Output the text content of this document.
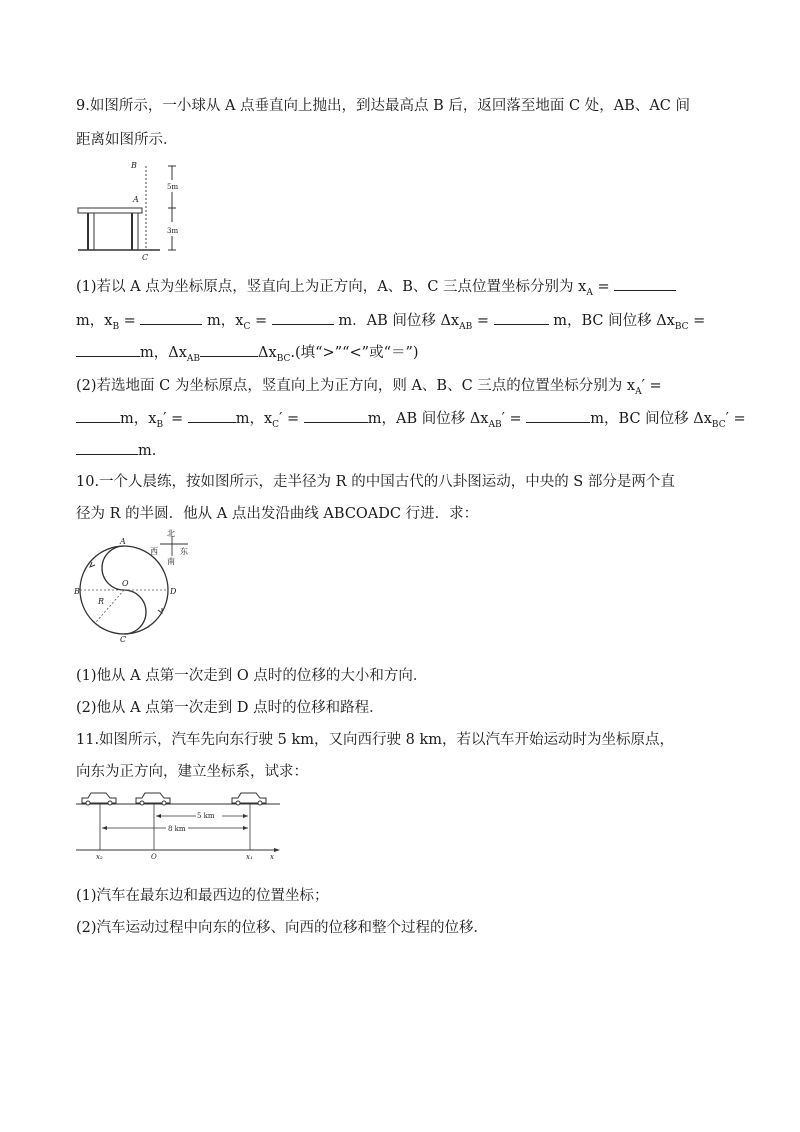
9.如图所示，一小球从 A 点垂直向上抛出，到达最高点 B 后，返回落至地面 C 处，AB、AC 间
距离如图所示．
B
A
C
5m
3m
(1)若以 A 点为坐标原点，竖直向上为正方向，A、B、C 三点位置坐标分别为 $x_A$ =
m，$x_B$ =	m，$x_C$ =	m．AB 间位移 $\Delta x_{AB}$ =	m，BC 间位移 $\Delta x_{BC}$ =
m，$\Delta x_{AB}$	$\Delta x_{BC}$.(填“>”“<”或“＝”)
(2)若选地面 C 为坐标原点，竖直向上为正方向，则 A、B、C 三点的位置坐标分别为 $x_A'$ =
m，$x_B'$ =	m，$x_C'$ =	m，AB 间位移 $\Delta x_{AB}'$ =	m，BC 间位移 $\Delta x_{BC}'$ =
m.
10.一个人晨练，按如图所示，走半径为 R 的中国古代的八卦图运动，中央的 S 部分是两个直
径为 R 的半圆．他从 A 点出发沿曲线 ABCOADC 行进．求：
A
B
C
D
O
R
北
南
东
西
(1)他从 A 点第一次走到 O 点时的位移的大小和方向．
(2)他从 A 点第一次走到 D 点时的位移和路程．
11.如图所示，汽车先向东行驶 5 km，又向西行驶 8 km，若以汽车开始运动时为坐标原点，
向东为正方向，建立坐标系，试求：
5 km
8 km
x₂	O	x₁ x
(1)汽车在最东边和最西边的位置坐标；
(2)汽车运动过程中向东的位移、向西的位移和整个过程的位移．
